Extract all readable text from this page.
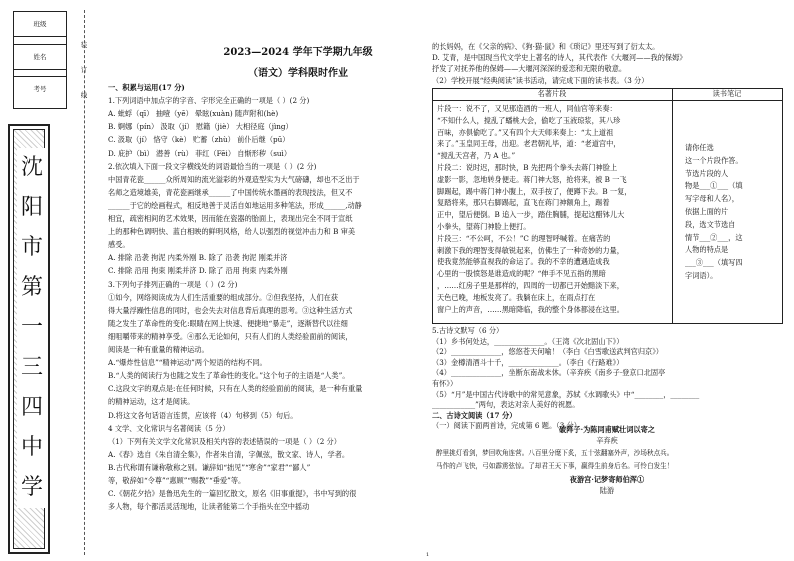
班级
姓名
考号
装
订
线
沈
阳
市
第
一
三
四
中
学
2023—2024 学年下学期九年级
（语文）学科限时作业
一、积累与运用(17 分)
1.下列词语中加点字的字音、字形完全正确的一项是（ ）(2 分)
A. 蚍蜉（qī） 抽噎（yē） 晕眩(xuàn) 随声附和(hè)
B. 婀娜（pín） 汲取（jí） 慰籍（jiè） 大相径庭（jìng）
C. 汲取（jí） 恪守（kè） 贮蓄（zhù） 前仆后继（pū）
D. 庇护（bì） 潜善（rù） 菲红（Fēi） 自惭形秽（suì）
2.依次填入下面一段文字横线处的词语最恰当的一项是（ ）(2 分)
中国青花瓷______众所周知的流光溢彩的外观造型实为大气磅礴，却也不乏出于
名师之造境雄美，青花瓷画继承______了中国传统水墨画的表现技法，但又不
______于它的绘画程式，相反地善于灵活自如地运用多种笔法，形成______,动静
相宜，疏密相间的艺术效果，因而能在瓷器的胎面上，表现出完全不同于宣纸
上的那种色调明快、蓝白相映的鲜明风格，给人以强烈的视觉冲击力和 B 审美
感受。
A. 排除 沿袭 拘泥 内柔外刚 B. 除了 沿袭 拘泥 刚柔并济
C. 排除 沿用 拘束 刚柔并济 D. 除了 沿用 拘束 内柔外刚
3.下列句子排列正确的一项是（ ）(2 分)
①如今，网络阅读成为人们生活重要的组成部分。②但我坚持，人们在获
得大量浮躁性信息的同时，也会失去对信息背后真理的思考。③这种生活方式
随之发生了革命性的变化:眼睛在网上快速、便捷地“暴走”，逐渐替代以往细
细咀嚼带来的精神享受。④那么无论如何，只有人们的人类经验面前的阅读，
阅读是一种有重量的精神运动。
A.“爆炸性信息”“精神运动”两个短语的结构不同。
B.“人类的阅读行为也随之发生了革命性的变化。”这个句子的主语是“人类”。
C.这段文字的观点是:在任何时候，只有在人类的经验面前的阅读，是一种有重量
的精神运动，这才是阅读。
D.将这文各句话语言连贯，应该将（4）句移到（5）句后。
4 文学、文化常识与名著阅读（5 分）
（1）下列有关文学文化常识及相关内容的表述错误的一项是（ ）（2 分）
A.《春》选自《朱自清全集》，作者朱自清，字佩弦，散文家、诗人，学者。
B.古代称谓有谦称敬称之别。谦辞如“拙见”“寒舍”“家君”“鄙人”
等，敬辞如“令尊”“惠顾”“赐教”“垂爱”等。
C.《朝花夕拾》是鲁迅先生的一篇回忆散文，原名《旧事重提》，书中写到的很
多人物，每个都活灵活现地，让读者能第二个手指头在空中摇动
的长妈妈，在《父亲的病》、《狗·猫·鼠》和《琐记》里还写到了衍太太。
D. 艾青，是中国现当代文学史上著名的诗人，其代表作《大堰河——我的保姆》
抒发了对抚养他的保姆——大堰河深深的爱恋和无限的敬意。
（2）学校开展“经典阅读”读书活动，请完成下面的读书表。（3 分）
名著片段	读书笔记
片段一：说不了，又见那造酒的一班人，同仙官等来奏：
“不知什么人，搅乱了蟠桃大会，偷吃了玉液琼浆，其八珍
百味，亦俱偷吃了。”又有四个大天师来奏上：“太上道祖
来了。”玉皇同王母，出迎。老君朝礼毕，道：“老道宫中，
“搅乱天宫者，乃 A 也。”
片段二：说时迟，那时快，B 先把两个拳头去蒋门神脸上
虚影一影，忽地转身便走。蒋门神大怒，抢将来，被 B 一飞
脚踢起，踢中蒋门神小腹上，双手按了，便蹲下去。B 一复，
复踏将来，那只右脚踢起，直飞在蒋门神额角上，踢着
正中，望后便倒。B 追入一步，踏住胸脯，提起这醋钵儿大
小拳头，望蒋门神脸上便打。
片段三：“不公呵，不公！”C 的理智呼喊着。在痛苦的
刺激下我的理智变得敏锐起来，仿佛生了一种奇妙的力量，
使我竟然能够直视我的命运了。我的不幸的遭遇造成我
心里的一股愤怒是谁造成的呢？“伸手不见五指的黑暗
，……红房子里是那样的，四周的一切都已开始黯淡下来，
天色已晚，地板发亮了。我躺在床上，在雨点打在
窗户上的声音，……黑暗降临，我的整个身体都浸在这里。
请你任选
这一个片段作答。
节选片段的人
物是___①___（填
写字母和人名），
依据上面的片
段，选文节选自
情节___②___，这
人物的特点是
___③___（填写四
字词语）。
5.古诗文默写（6 分）
（1）乡书何处达，______________。（王湾《次北固山下》）
（2）______________，悠悠苍天何喻！（李白《白雪歌送武判官归京》）
（3）金樽清酒斗十千，______________。（李白《行路难》）
（4）______________，坐断东南战未休。（辛弃疾《南乡子·登京口北固亭
有怀》）
（5）“月”是中国古代诗歌中的常见意象，苏轼《水调歌头》中“________，________
____________”两句，表达对亲人美好的祝愿。
二、古诗文阅读（17 分）
（一）阅读下面两首诗，完成第 6 题。（3 分）
破阵子·为陈同甫赋壮词以寄之
辛弃疾
醉里挑灯看剑，梦回吹角连营。八百里分麾下炙，五十弦翻塞外声，沙场秋点兵。
马作的卢飞快，弓如霹雳弦惊。了却君王天下事，赢得生前身后名。可怜白发生！
夜游宫·记梦寄师伯浑①
陆游
1
